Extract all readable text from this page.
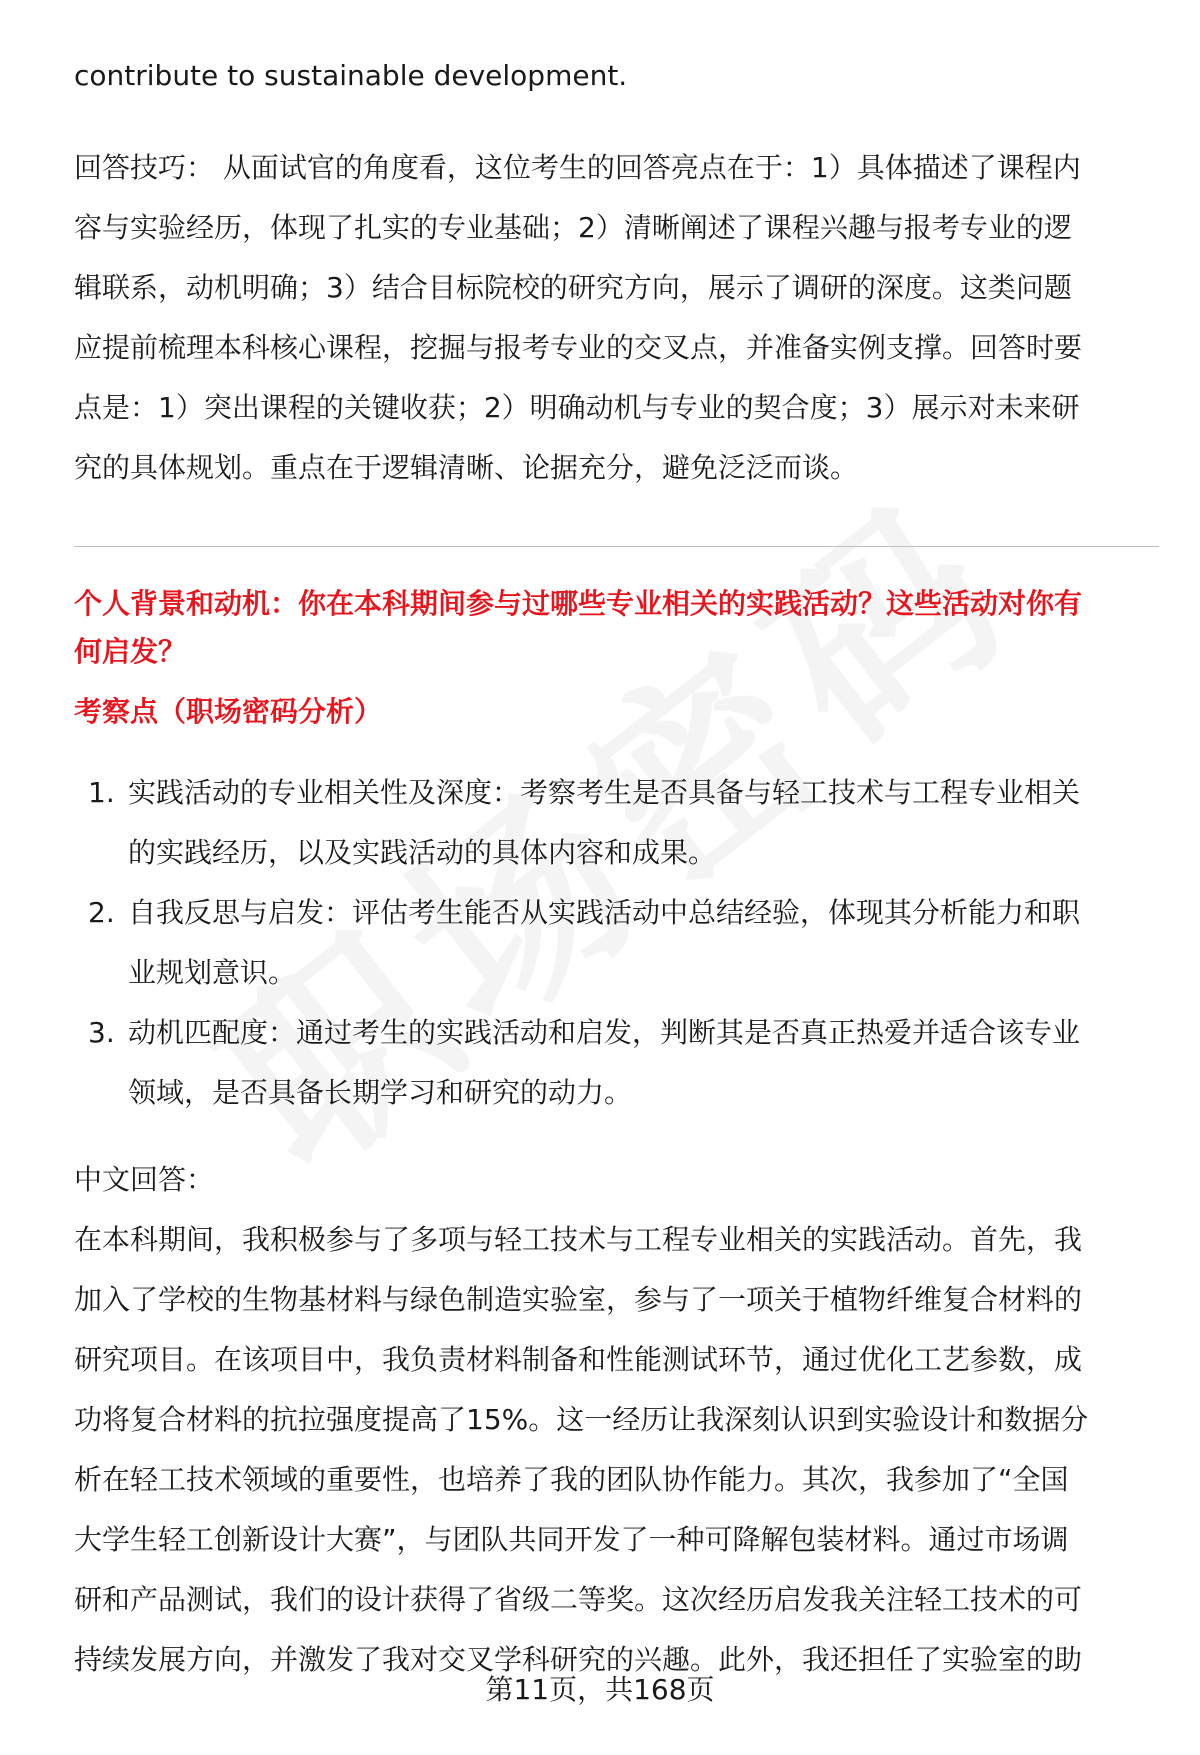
contribute to sustainable development.

回答技巧： 从面试官的角度看，这位考生的回答亮点在于：1）具体描述了课程内

容与实验经历，体现了扎实的专业基础；2）清晰阐述了课程兴趣与报考专业的逻

辑联系，动机明确；3）结合目标院校的研究方向，展示了调研的深度。这类问题

应提前梳理本科核心课程，挖掘与报考专业的交叉点，并准备实例支撑。回答时要

点是：1）突出课程的关键收获；2）明确动机与专业的契合度；3）展示对未来研

究的具体规划。重点在于逻辑清晰、论据充分，避免泛泛而谈。

个人背景和动机：你在本科期间参与过哪些专业相关的实践活动？这些活动对你有
何启发？
考察点（职场密码分析）
1. 实践活动的专业相关性及深度：考察考生是否具备与轻工技术与工程专业相关
的实践经历，以及实践活动的具体内容和成果。
2. 自我反思与启发：评估考生能否从实践活动中总结经验，体现其分析能力和职
业规划意识。
3. 动机匹配度：通过考生的实践活动和启发，判断其是否真正热爱并适合该专业
领域，是否具备长期学习和研究的动力。

中文回答：

在本科期间，我积极参与了多项与轻工技术与工程专业相关的实践活动。首先，我

加入了学校的生物基材料与绿色制造实验室，参与了一项关于植物纤维复合材料的

研究项目。在该项目中，我负责材料制备和性能测试环节，通过优化工艺参数，成

功将复合材料的抗拉强度提高了15%。这一经历让我深刻认识到实验设计和数据分

析在轻工技术领域的重要性，也培养了我的团队协作能力。其次，我参加了“全国

大学生轻工创新设计大赛”，与团队共同开发了一种可降解包装材料。通过市场调

研和产品测试，我们的设计获得了省级二等奖。这次经历启发我关注轻工技术的可

持续发展方向，并激发了我对交叉学科研究的兴趣。此外，我还担任了实验室的助

第11页，共168页
